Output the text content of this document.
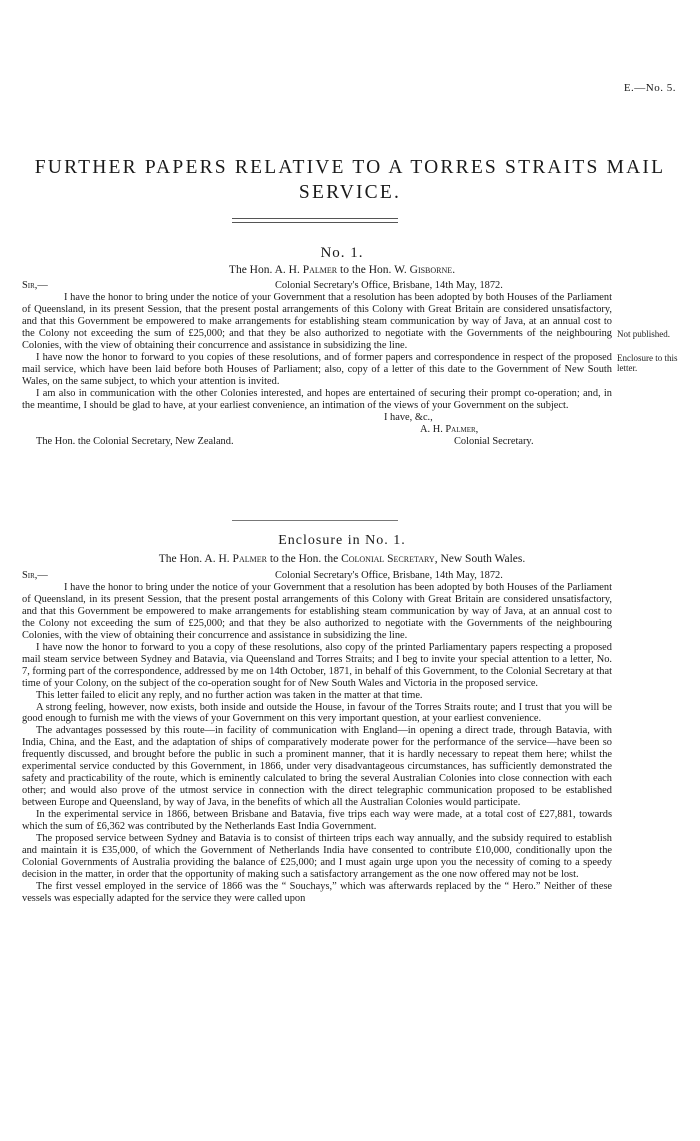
E.—No. 5.
FURTHER PAPERS RELATIVE TO A TORRES STRAITS MAIL
SERVICE.
No. 1.
The Hon. A. H. Palmer to the Hon. W. Gisborne.
Sir,—	Colonial Secretary's Office, Brisbane, 14th May, 1872.

I have the honor to bring under the notice of your Government that a resolution has been adopted by both Houses of the Parliament of Queensland, in its present Session, that the present postal arrangements of this Colony with Great Britain are considered unsatisfactory, and that this Government be empowered to make arrangements for establishing steam communication by way of Java, at an annual cost to the Colony not exceeding the sum of £25,000; and that they be also authorized to negotiate with the Governments of the neighbouring Colonies, with the view of obtaining their concurrence and assistance in subsidizing the line.

I have now the honor to forward to you copies of these resolutions, and of former papers and correspondence in respect of the proposed mail service, which have been laid before both Houses of Parliament; also, copy of a letter of this date to the Government of New South Wales, on the same subject, to which your attention is invited.

I am also in communication with the other Colonies interested, and hopes are entertained of securing their prompt co-operation; and, in the meantime, I should be glad to have, at your earliest convenience, an intimation of the views of your Government on the subject.

I have, &c.,
A. H. Palmer,
The Hon. the Colonial Secretary, New Zealand.	Colonial Secretary.
Not published.
Enclosure to this letter.
Enclosure in No. 1.
The Hon. A. H. Palmer to the Hon. the Colonial Secretary, New South Wales.
Sir,—	Colonial Secretary's Office, Brisbane, 14th May, 1872.

I have the honor to bring under the notice of your Government that a resolution has been adopted by both Houses of the Parliament of Queensland, in its present Session, that the present postal arrangements of this Colony with Great Britain are considered unsatisfactory, and that this Government be empowered to make arrangements for establishing steam communication by way of Java, at an annual cost to the Colony not exceeding the sum of £25,000; and that they be also authorized to negotiate with the Governments of the neighbouring Colonies, with the view of obtaining their concurrence and assistance in subsidizing the line.

I have now the honor to forward to you a copy of these resolutions, also copy of the printed Parliamentary papers respecting a proposed mail steam service between Sydney and Batavia, via Queensland and Torres Straits; and I beg to invite your special attention to a letter, No. 7, forming part of the correspondence, addressed by me on 14th October, 1871, in behalf of this Government, to the Colonial Secretary at that time of your Colony, on the subject of the co-operation sought for of New South Wales and Victoria in the proposed service.

This letter failed to elicit any reply, and no further action was taken in the matter at that time.

A strong feeling, however, now exists, both inside and outside the House, in favour of the Torres Straits route; and I trust that you will be good enough to furnish me with the views of your Government on this very important question, at your earliest convenience.

The advantages possessed by this route—in facility of communication with England—in opening a direct trade, through Batavia, with India, China, and the East, and the adaptation of ships of comparatively moderate power for the performance of the service—have been so frequently discussed, and brought before the public in such a prominent manner, that it is hardly necessary to repeat them here; whilst the experimental service conducted by this Government, in 1866, under very disadvantageous circumstances, has sufficiently demonstrated the safety and practicability of the route, which is eminently calculated to bring the several Australian Colonies into close connection with each other; and would also prove of the utmost service in connection with the direct telegraphic communication proposed to be established between Europe and Queensland, by way of Java, in the benefits of which all the Australian Colonies would participate.

In the experimental service in 1866, between Brisbane and Batavia, five trips each way were made, at a total cost of £27,881, towards which the sum of £6,362 was contributed by the Netherlands East India Government.

The proposed service between Sydney and Batavia is to consist of thirteen trips each way annually, and the subsidy required to establish and maintain it is £35,000, of which the Government of Netherlands India have consented to contribute £10,000, conditionally upon the Colonial Governments of Australia providing the balance of £25,000; and I must again urge upon you the necessity of coming to a speedy decision in the matter, in order that the opportunity of making such a satisfactory arrangement as the one now offered may not be lost.

The first vessel employed in the service of 1866 was the “ Souchays,” which was afterwards replaced by the “ Hero.” Neither of these vessels was especially adapted for the service they were called upon
